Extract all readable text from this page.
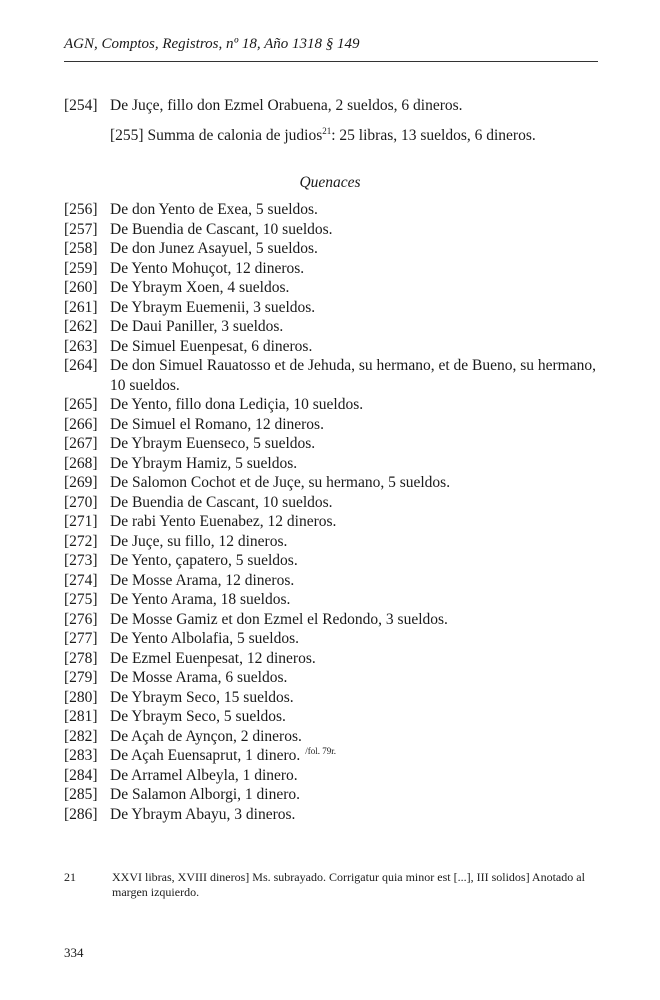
AGN, Comptos, Registros, nº 18, Año 1318 § 149
[254] De Juçe, fillo don Ezmel Orabuena, 2 sueldos, 6 dineros.
[255] Summa de calonia de judios$^{21}$: 25 libras, 13 sueldos, 6 dineros.
Quenaces
[256] De don Yento de Exea, 5 sueldos.
[257] De Buendia de Cascant, 10 sueldos.
[258] De don Junez Asayuel, 5 sueldos.
[259] De Yento Mohuçot, 12 dineros.
[260] De Ybraym Xoen, 4 sueldos.
[261] De Ybraym Euemenii, 3 sueldos.
[262] De Daui Paniller, 3 sueldos.
[263] De Simuel Euenpesat, 6 dineros.
[264] De don Simuel Rauatosso et de Jehuda, su hermano, et de Bueno, su hermano, 10 sueldos.
[265] De Yento, fillo dona Lediçia, 10 sueldos.
[266] De Simuel el Romano, 12 dineros.
[267] De Ybraym Euenseco, 5 sueldos.
[268] De Ybraym Hamiz, 5 sueldos.
[269] De Salomon Cochot et de Juçe, su hermano, 5 sueldos.
[270] De Buendia de Cascant, 10 sueldos.
[271] De rabi Yento Euenabez, 12 dineros.
[272] De Juçe, su fillo, 12 dineros.
[273] De Yento, çapatero, 5 sueldos.
[274] De Mosse Arama, 12 dineros.
[275] De Yento Arama, 18 sueldos.
[276] De Mosse Gamiz et don Ezmel el Redondo, 3 sueldos.
[277] De Yento Albolafia, 5 sueldos.
[278] De Ezmel Euenpesat, 12 dineros.
[279] De Mosse Arama, 6 sueldos.
[280] De Ybraym Seco, 15 sueldos.
[281] De Ybraym Seco, 5 sueldos.
[282] De Açah de Aynçon, 2 dineros.
[283] De Açah Euensaprut, 1 dinero. $^{/fol. 79r.}$
[284] De Arramel Albeyla, 1 dinero.
[285] De Salamon Alborgi, 1 dinero.
[286] De Ybraym Abayu, 3 dineros.
21	XXVI libras, XVIII dineros] Ms. subrayado. Corrigatur quia minor est [...], III solidos] Anotado al margen izquierdo.
334
